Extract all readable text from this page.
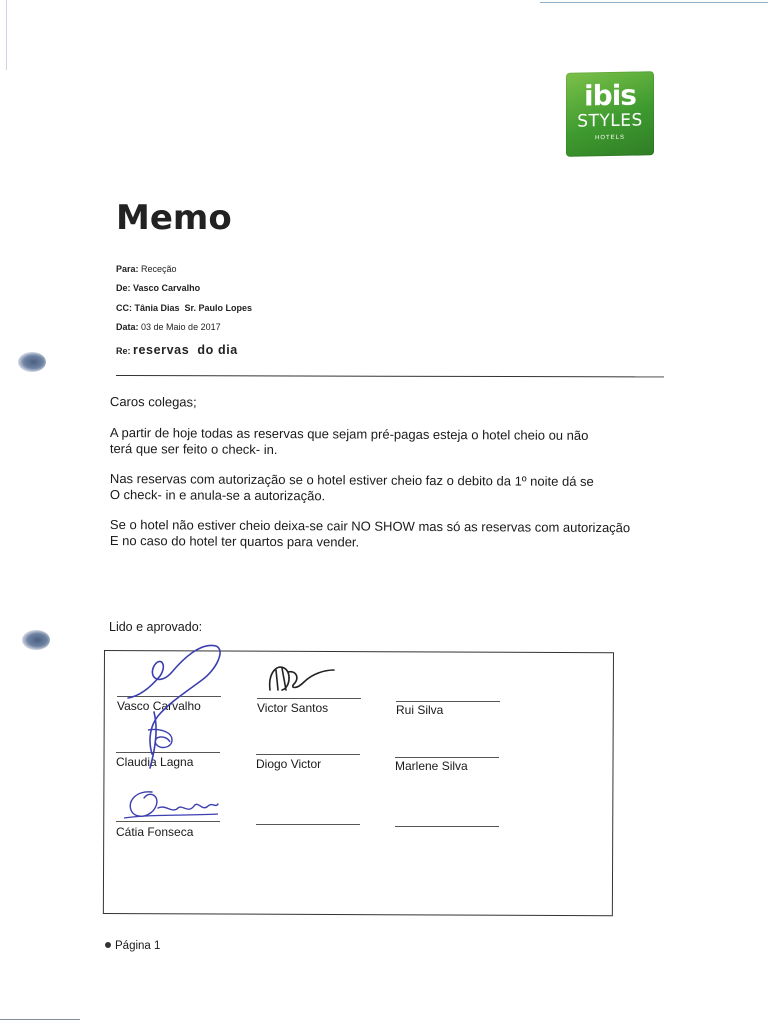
ibis
STYLES
HOTELS
Memo
Para: Receção
De: Vasco Carvalho
CC: Tânia Dias  Sr. Paulo Lopes
Data: 03 de Maio de 2017
Re: reservas  do dia
Caros colegas;
A partir de hoje todas as reservas que sejam pré-pagas esteja o hotel cheio ou não
terá que ser feito o check- in.
Nas reservas com autorização se o hotel estiver cheio faz o debito da 1º noite dá se
O check- in e anula-se a autorização.
Se o hotel não estiver cheio deixa-se cair NO SHOW mas só as reservas com autorização
E no caso do hotel ter quartos para vender.
Lido e aprovado:
Vasco Carvalho	Victor Santos	Rui Silva
Claudia Lagna	Diogo Victor	Marlene Silva
Cátia Fonseca
Página 1
